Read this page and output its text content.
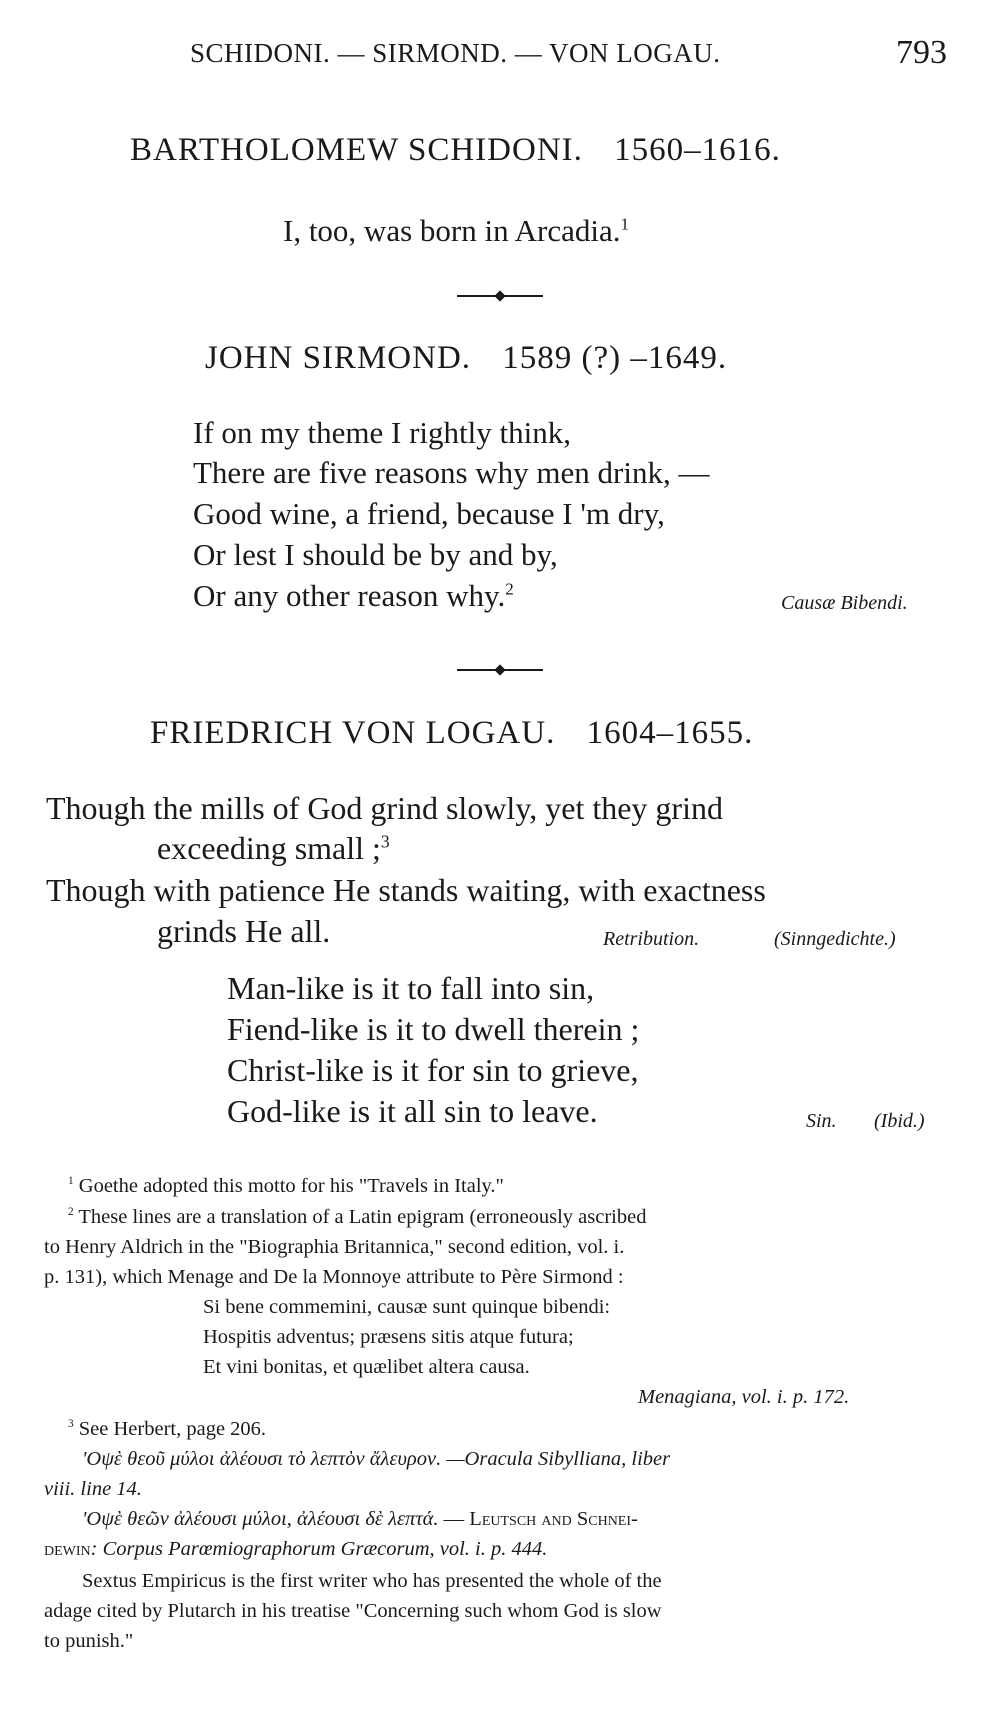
SCHIDONI. — SIRMOND. — VON LOGAU.	793
BARTHOLOMEW SCHIDONI. 1560–1616.
I, too, was born in Arcadia.$^1$
JOHN SIRMOND. 1589 (?) –1649.
If on my theme I rightly think,
There are five reasons why men drink, —
Good wine, a friend, because I 'm dry,
Or lest I should be by and by,
Or any other reason why.$^2$
Causæ Bibendi.
FRIEDRICH VON LOGAU. 1604–1655.
Though the mills of God grind slowly, yet they grind
exceeding small ;$^3$
Though with patience He stands waiting, with exactness
grinds He all.	Retribution.	(Sinngedichte.)
Man-like is it to fall into sin,
Fiend-like is it to dwell therein ;
Christ-like is it for sin to grieve,
God-like is it all sin to leave.	Sin. (Ibid.)
$^1$ Goethe adopted this motto for his "Travels in Italy."
$^2$ These lines are a translation of a Latin epigram (erroneously ascribed
to Henry Aldrich in the "Biographia Britannica," second edition, vol. i.
p. 131), which Menage and De la Monnoye attribute to Père Sirmond :
Si bene commemini, causæ sunt quinque bibendi:
Hospitis adventus; præsens sitis atque futura;
Et vini bonitas, et quælibet altera causa.
Menagiana, vol. i. p. 172.
$^3$ See Herbert, page 206.
'Οψὲ θεοῦ μύλοι ἀλέουσι τὸ λεπτὸν ἄλευρον. —Oracula Sibylliana, liber
viii. line 14.
'Οψὲ θεῶν ἀλέουσι μύλοι, ἀλέουσι δὲ λεπτά. — Leutsch and Schnei-
dewin: Corpus Parœmiographorum Græcorum, vol. i. p. 444.
Sextus Empiricus is the first writer who has presented the whole of the
adage cited by Plutarch in his treatise "Concerning such whom God is slow
to punish."
